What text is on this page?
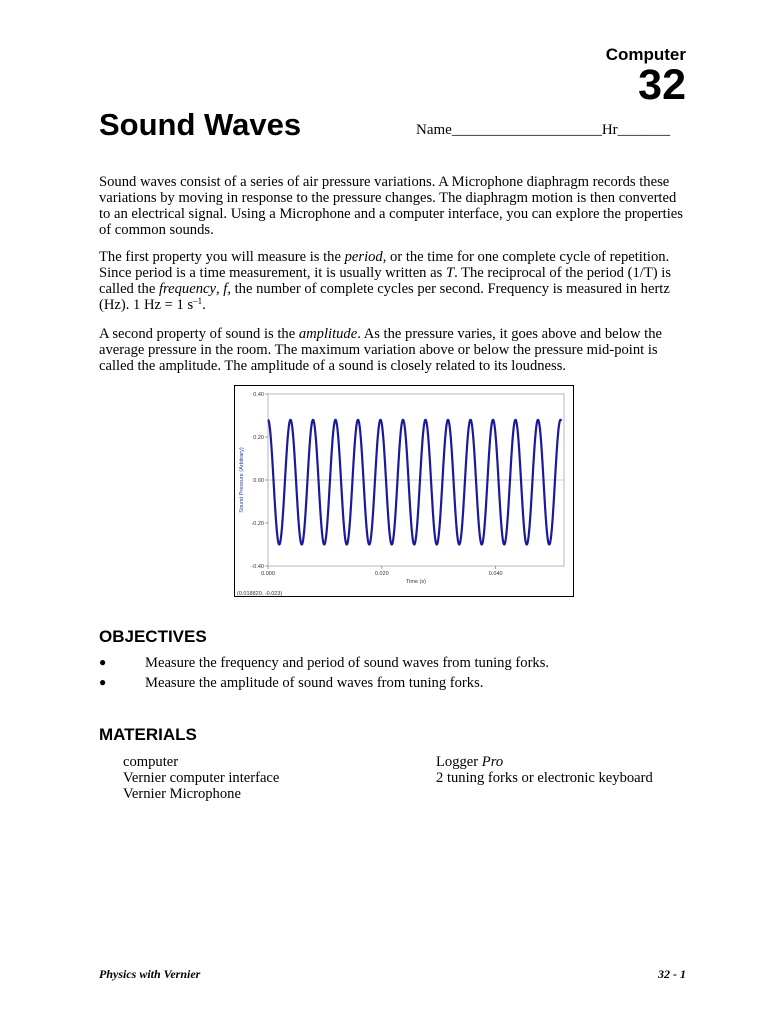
Computer
32
Sound Waves	Name____________________Hr_______

Sound waves consist of a series of air pressure variations. A Microphone diaphragm records these variations by moving in response to the pressure changes. The diaphragm motion is then converted to an electrical signal. Using a Microphone and a computer interface, you can explore the properties of common sounds.

The first property you will measure is the period, or the time for one complete cycle of repetition. Since period is a time measurement, it is usually written as T. The reciprocal of the period (1/T) is called the frequency, f, the number of complete cycles per second. Frequency is measured in hertz (Hz). 1 Hz = 1 $s^{-1}$.

A second property of sound is the amplitude. As the pressure varies, it goes above and below the average pressure in the room. The maximum variation above or below the pressure mid-point is called the amplitude. The amplitude of a sound is closely related to its loudness.

0.40
0.20
0.00
-0.20
-0.40
0.000	0.020	0.040
Time (s)
Sound Pressure (Arbitrary)
(0.018820, -0.023)
OBJECTIVES
●	Measure the frequency and period of sound waves from tuning forks.
●	Measure the amplitude of sound waves from tuning forks.
MATERIALS
computer
Vernier computer interface
Vernier Microphone
Logger Pro
2 tuning forks or electronic keyboard
Physics with Vernier	32 - 1
